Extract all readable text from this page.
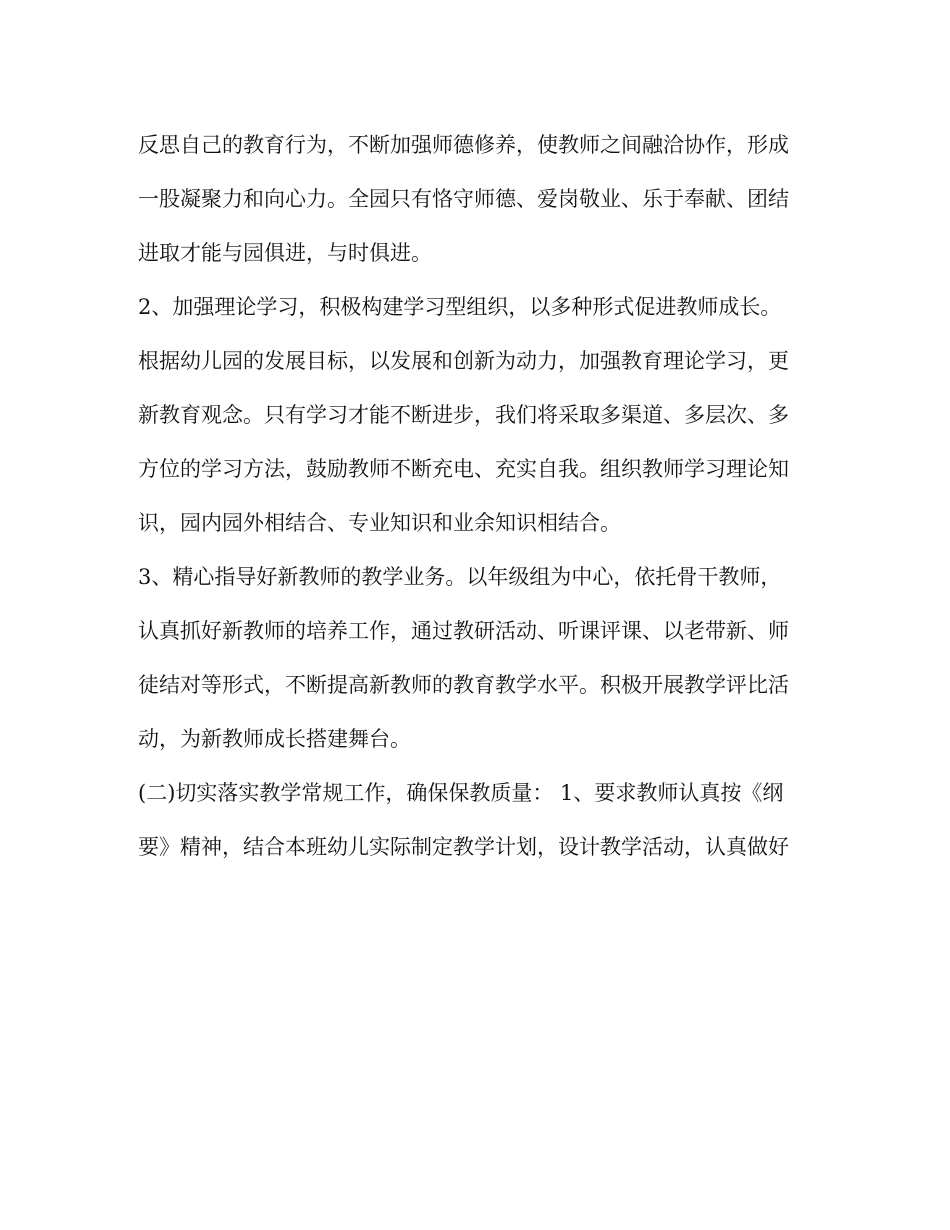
反思自己的教育行为，不断加强师德修养，使教师之间融洽协作，形成
一股凝聚力和向心力。全园只有恪守师德、爱岗敬业、乐于奉献、团结
进取才能与园俱进，与时俱进。
2、加强理论学习，积极构建学习型组织，以多种形式促进教师成长。
根据幼儿园的发展目标，以发展和创新为动力，加强教育理论学习，更
新教育观念。只有学习才能不断进步，我们将采取多渠道、多层次、多
方位的学习方法，鼓励教师不断充电、充实自我。组织教师学习理论知
识，园内园外相结合、专业知识和业余知识相结合。
3、精心指导好新教师的教学业务。以年级组为中心，依托骨干教师，
认真抓好新教师的培养工作，通过教研活动、听课评课、以老带新、师
徒结对等形式，不断提高新教师的教育教学水平。积极开展教学评比活
动，为新教师成长搭建舞台。
(二)切实落实教学常规工作，确保保教质量： 1、要求教师认真按《纲
要》精神，结合本班幼儿实际制定教学计划，设计教学活动，认真做好
